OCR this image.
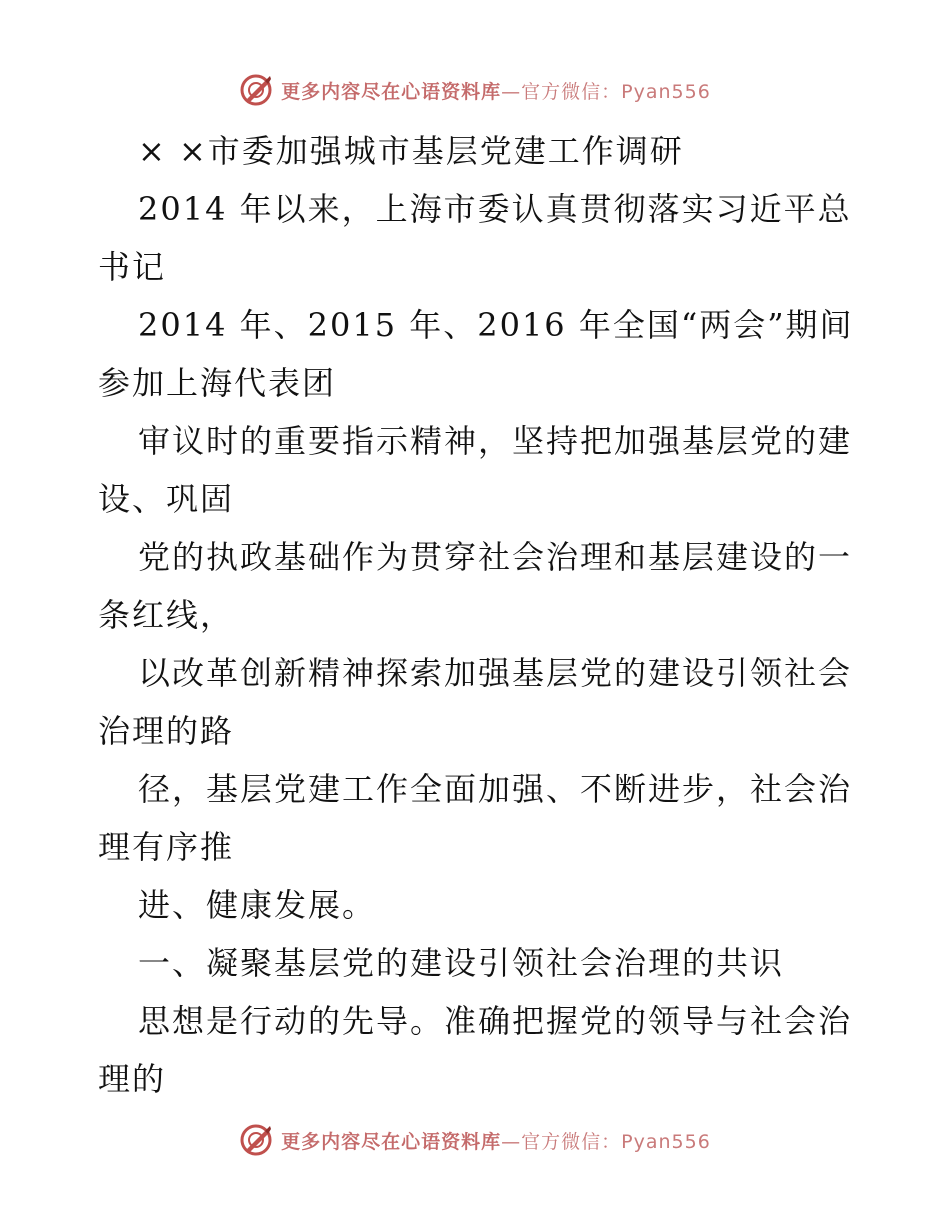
更多内容尽在心语资料库—官方微信：Pyan556
× ×市委加强城市基层党建工作调研
2014 年以来，上海市委认真贯彻落实习近平总
书记
2014 年、2015 年、2016 年全国“两会”期间
参加上海代表团
审议时的重要指示精神，坚持把加强基层党的建
设、巩固
党的执政基础作为贯穿社会治理和基层建设的一
条红线，
以改革创新精神探索加强基层党的建设引领社会
治理的路
径，基层党建工作全面加强、不断进步，社会治
理有序推
进、健康发展。
一、凝聚基层党的建设引领社会治理的共识
思想是行动的先导。准确把握党的领导与社会治
理的
更多内容尽在心语资料库—官方微信：Pyan556
